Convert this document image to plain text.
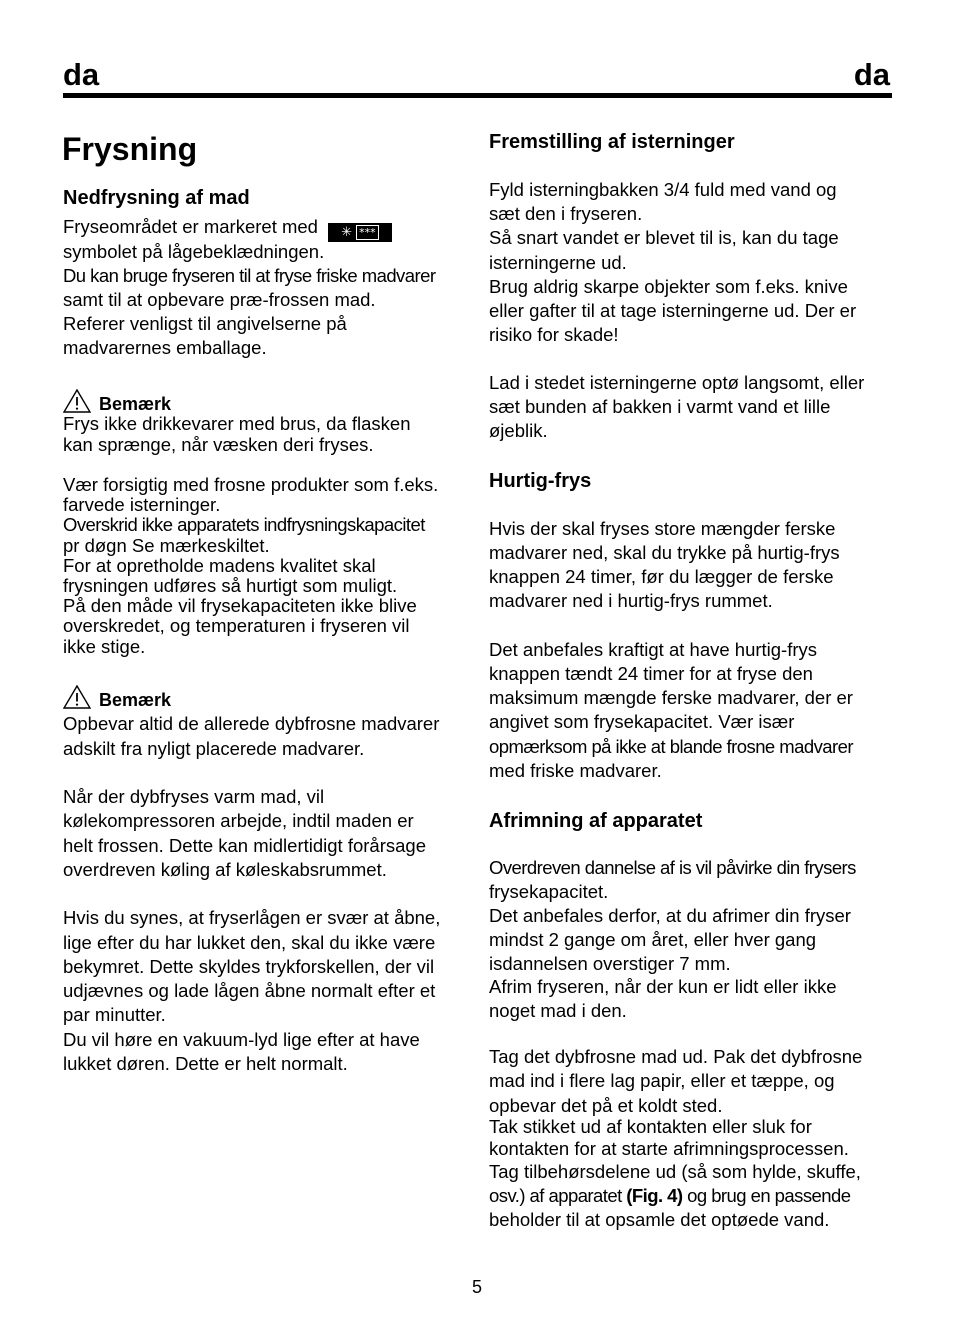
da	da
Frysning
Nedfrysning af mad
Fryseområdet er markeret med ✳ ***
symbolet på lågebeklædningen.
Du kan bruge fryseren til at fryse friske madvarer
samt til at opbevare præ-frossen mad.
Referer venligst til angivelserne på
madvarernes emballage.
Bemærk
Frys ikke drikkevarer med brus, da flasken
kan sprænge, når væsken deri fryses.
Vær forsigtig med frosne produkter som f.eks.
farvede isterninger.
Overskrid ikke apparatets indfrysningskapacitet
pr døgn Se mærkeskiltet.
For at opretholde madens kvalitet skal
frysningen udføres så hurtigt som muligt.
På den måde vil frysekapaciteten ikke blive
overskredet, og temperaturen i fryseren vil
ikke stige.
Bemærk
Opbevar altid de allerede dybfrosne madvarer
adskilt fra nyligt placerede madvarer.
Når der dybfryses varm mad, vil
kølekompressoren arbejde, indtil maden er
helt frossen. Dette kan midlertidigt forårsage
overdreven køling af køleskabsrummet.
Hvis du synes, at fryserlågen er svær at åbne,
lige efter du har lukket den, skal du ikke være
bekymret. Dette skyldes trykforskellen, der vil
udjævnes og lade lågen åbne normalt efter et
par minutter.
Du vil høre en vakuum-lyd lige efter at have
lukket døren. Dette er helt normalt.
Fremstilling af isterninger
Fyld isterningbakken 3/4 fuld med vand og
sæt den i fryseren.
Så snart vandet er blevet til is, kan du tage
isterningerne ud.
Brug aldrig skarpe objekter som f.eks. knive
eller gafter til at tage isterningerne ud. Der er
risiko for skade!
Lad i stedet isterningerne optø langsomt, eller
sæt bunden af bakken i varmt vand et lille
øjeblik.
Hurtig-frys
Hvis der skal fryses store mængder ferske
madvarer ned, skal du trykke på hurtig-frys
knappen 24 timer, før du lægger de ferske
madvarer ned i hurtig-frys rummet.
Det anbefales kraftigt at have hurtig-frys
knappen tændt 24 timer for at fryse den
maksimum mængde ferske madvarer, der er
angivet som frysekapacitet. Vær især
opmærksom på ikke at blande frosne madvarer
med friske madvarer.
Afrimning af apparatet
Overdreven dannelse af is vil påvirke din frysers
frysekapacitet.
Det anbefales derfor, at du afrimer din fryser
mindst 2 gange om året, eller hver gang
isdannelsen overstiger 7 mm.
Afrim fryseren, når der kun er lidt eller ikke
noget mad i den.
Tag det dybfrosne mad ud. Pak det dybfrosne
mad ind i flere lag papir, eller et tæppe, og
opbevar det på et koldt sted.
Tak stikket ud af kontakten eller sluk for
kontakten for at starte afrimningsprocessen.
Tag tilbehørsdelene ud (så som hylde, skuffe,
osv.) af apparatet (Fig. 4) og brug en passende
beholder til at opsamle det optøede vand.
5
